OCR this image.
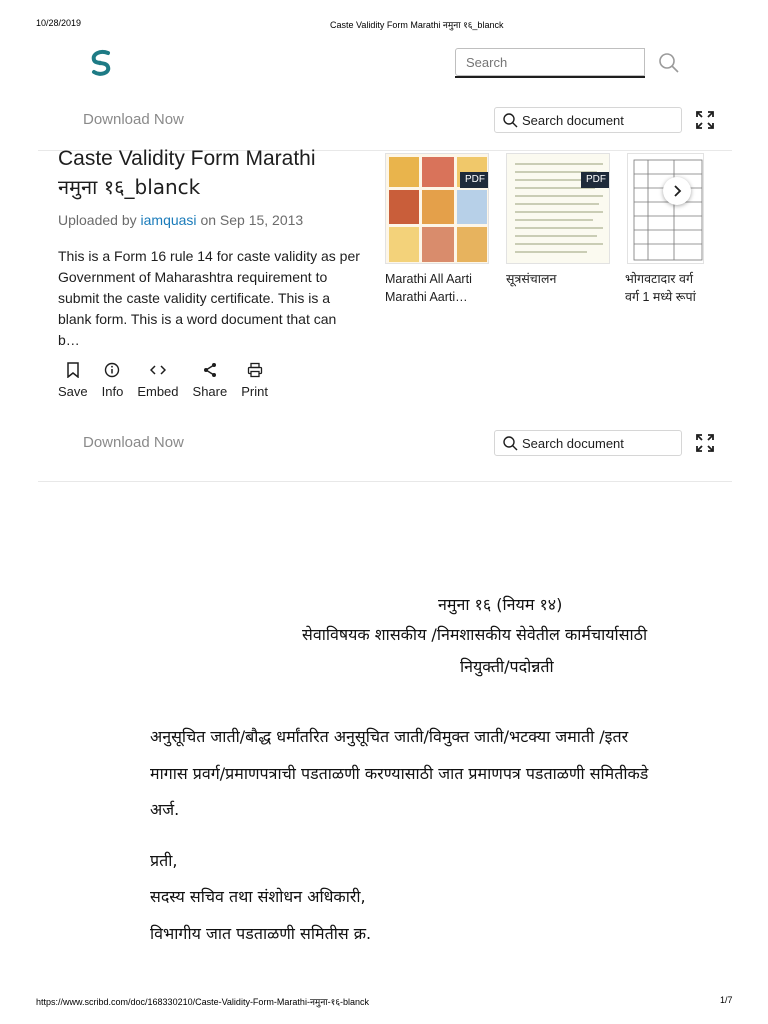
10/28/2019	Caste Validity Form Marathi नमुना १६_blanck
Search
Download Now	Search document
Caste Validity Form Marathi
नमुना १६_blanck
Uploaded by iamquasi on Sep 15, 2013
This is a Form 16 rule 14 for caste validity as per
Government of Maharashtra requirement to
submit the caste validity certificate. This is a
blank form. This is a word document that can
b…
Save Info Embed Share Print
PDF	PDF
Marathi All Aarti
Marathi Aarti…
सूत्रसंचालन	भोगवटादार वर्ग
वर्ग 1 मध्ये रूपां
Download Now	Search document
नमुना १६ (नियम १४)
सेवाविषयक शासकीय /निमशासकीय सेवेतील कार्मचार्यासाठी
नियुक्ती/पदोन्नती
अनुसूचित जाती/बौद्ध धर्मांतरित अनुसूचित जाती/विमुक्त जाती/भटक्या जमाती /इतर
मागास प्रवर्ग/प्रमाणपत्राची पडताळणी करण्यासाठी जात प्रमाणपत्र पडताळणी समितीकडे
अर्ज.
प्रती,
सदस्य सचिव तथा संशोधन अधिकारी,
विभागीय जात पडताळणी समितीस क्र.
https://www.scribd.com/doc/168330210/Caste-Validity-Form-Marathi-नमुना-१६-blanck	1/7
